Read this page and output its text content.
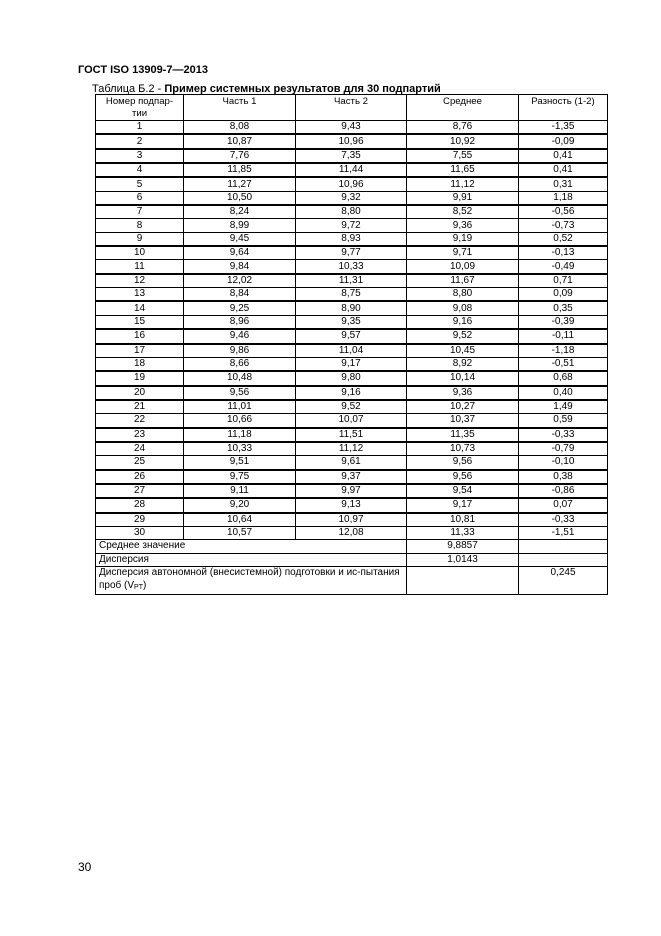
ГОСТ ISO 13909-7—2013
Таблица Б.2 - Пример системных результатов для 30 подпартий
Номер подпар-тии	Часть 1	Часть 2	Среднее	Разность (1-2)
1	8,08	9,43	8,76	-1,35
2	10,87	10,96	10,92	-0,09
3	7,76	7,35	7,55	0,41
4	11,85	11,44	11,65	0,41
5	11,27	10,96	11,12	0,31
6	10,50	9,32	9,91	1,18
7	8,24	8,80	8,52	-0,56
8	8,99	9,72	9,36	-0,73
9	9,45	8,93	9,19	0,52
10	9,64	9,77	9,71	-0,13
11	9,84	10,33	10,09	-0,49
12	12,02	11,31	11,67	0,71
13	8,84	8,75	8,80	0,09
14	9,25	8,90	9,08	0,35
15	8,96	9,35	9,16	-0,39
16	9,46	9,57	9,52	-0,11
17	9,86	11,04	10,45	-1,18
18	8,66	9,17	8,92	-0,51
19	10,48	9,80	10,14	0,68
20	9,56	9,16	9,36	0,40
21	11,01	9,52	10,27	1,49
22	10,66	10,07	10,37	0,59
23	11,18	11,51	11,35	-0,33
24	10,33	11,12	10,73	-0,79
25	9,51	9,61	9,56	-0,10
26	9,75	9,37	9,56	0,38
27	9,11	9,97	9,54	-0,86
28	9,20	9,13	9,17	0,07
29	10,64	10,97	10,81	-0,33
30	10,57	12,08	11,33	-1,51
Среднее значение			9,8857	
Дисперсия			1,0143	
Дисперсия автономной (внесистемной) подготовки и ис-пытания проб $(V_{PT})$				0,245
30
